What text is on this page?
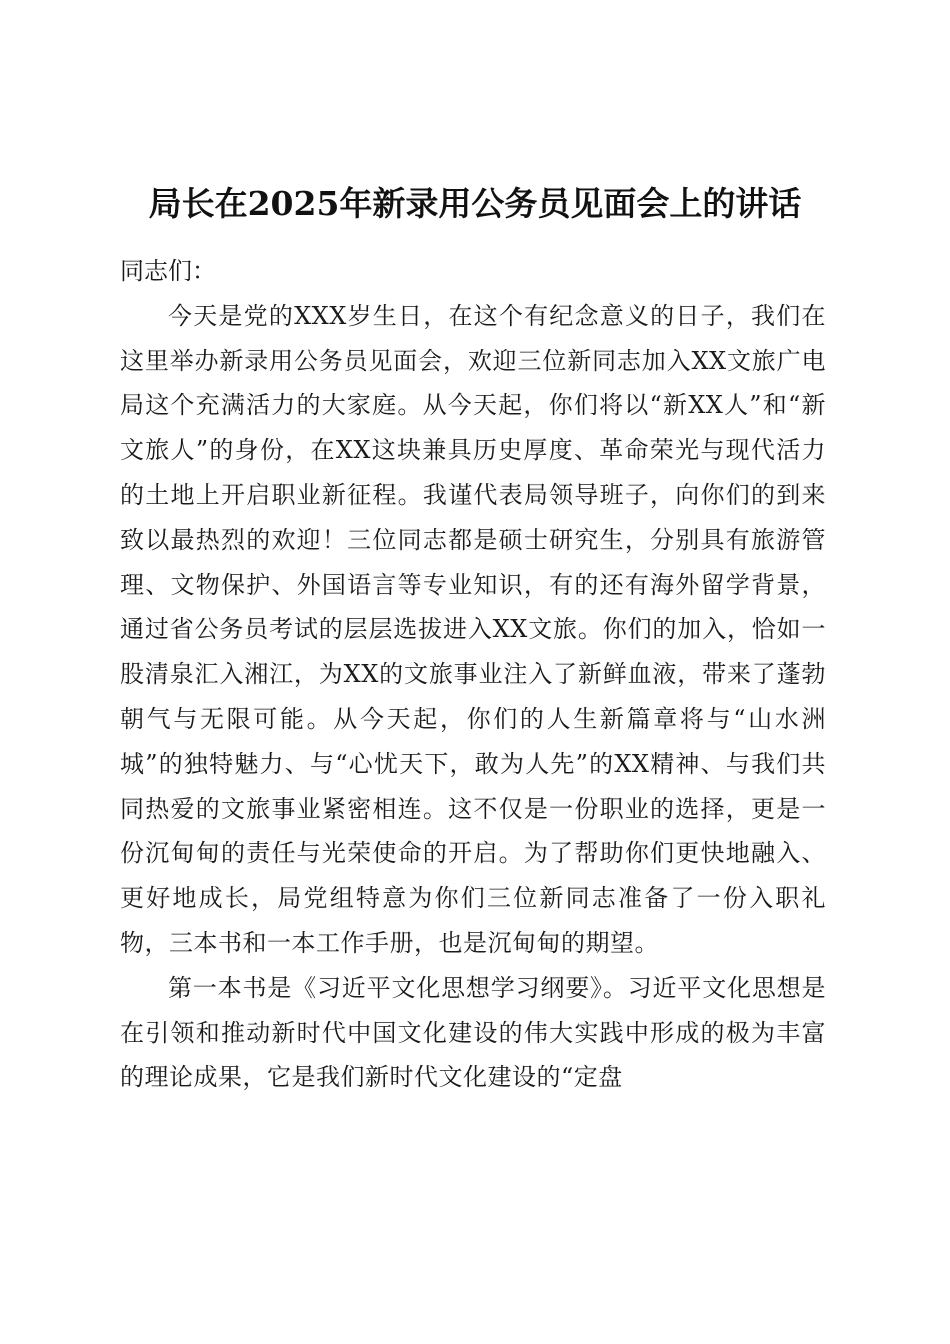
局长在2025年新录用公务员见面会上的讲话

同志们：

今天是党的XXX岁生日，在这个有纪念意义的日子，我们在这里举办新录用公务员见面会，欢迎三位新同志加入XX文旅广电局这个充满活力的大家庭。从今天起，你们将以“新XX人”和“新文旅人”的身份，在XX这块兼具历史厚度、革命荣光与现代活力的土地上开启职业新征程。我谨代表局领导班子，向你们的到来致以最热烈的欢迎！三位同志都是硕士研究生，分别具有旅游管理、文物保护、外国语言等专业知识，有的还有海外留学背景，通过省公务员考试的层层选拔进入XX文旅。你们的加入，恰如一股清泉汇入湘江，为XX的文旅事业注入了新鲜血液，带来了蓬勃朝气与无限可能。从今天起，你们的人生新篇章将与“山水洲城”的独特魅力、与“心忧天下，敢为人先”的XX精神、与我们共同热爱的文旅事业紧密相连。这不仅是一份职业的选择，更是一份沉甸甸的责任与光荣使命的开启。为了帮助你们更快地融入、更好地成长，局党组特意为你们三位新同志准备了一份入职礼物，三本书和一本工作手册，也是沉甸甸的期望。

第一本书是《习近平文化思想学习纲要》。习近平文化思想是在引领和推动新时代中国文化建设的伟大实践中形成的极为丰富的理论成果，它是我们新时代文化建设的“定盘
